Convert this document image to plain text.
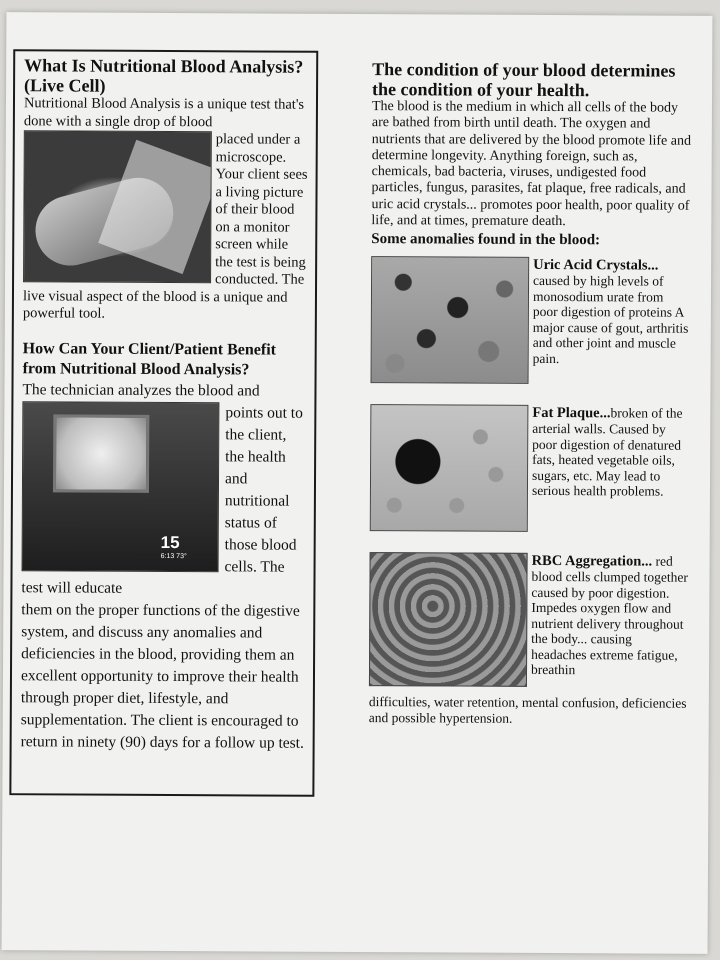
What Is Nutritional Blood Analysis? (Live Cell)

Nutritional Blood Analysis is a unique test that's done with a single drop of blood

placed under a microscope. Your client sees a living picture of their blood on a monitor screen while the test is being conducted. The

live visual aspect of the blood is a unique and powerful tool.

How Can Your Client/Patient Benefit from Nutritional Blood Analysis?

The technician analyzes the blood and

15
6:13 73°

points out to the client, the health and nutritional status of those blood cells. The test will educate

them on the proper functions of the digestive system, and discuss any anomalies and deficiencies in the blood, providing them an excellent opportunity to improve their health through proper diet, lifestyle, and supplementation. The client is encouraged to return in ninety (90) days for a follow up test.

The condition of your blood determines the condition of your health.

The blood is the medium in which all cells of the body are bathed from birth until death. The oxygen and nutrients that are delivered by the blood promote life and determine longevity. Anything foreign, such as, chemicals, bad bacteria, viruses, undigested food particles, fungus, parasites, fat plaque, free radicals, and uric acid crystals... promotes poor health, poor quality of life, and at times, premature death.

Some anomalies found in the blood:

Uric Acid Crystals... caused by high levels of monosodium urate from poor digestion of proteins A major cause of gout, arthritis and other joint and muscle pain.
Fat Plaque...broken of the arterial walls. Caused by poor digestion of denatured fats, heated vegetable oils, sugars, etc. May lead to serious health problems.
RBC Aggregation... red blood cells clumped together caused by poor digestion. Impedes oxygen flow and nutrient delivery throughout the body... causing headaches extreme fatigue, breathin

difficulties, water retention, mental confusion, deficiencies and possible hypertension.
